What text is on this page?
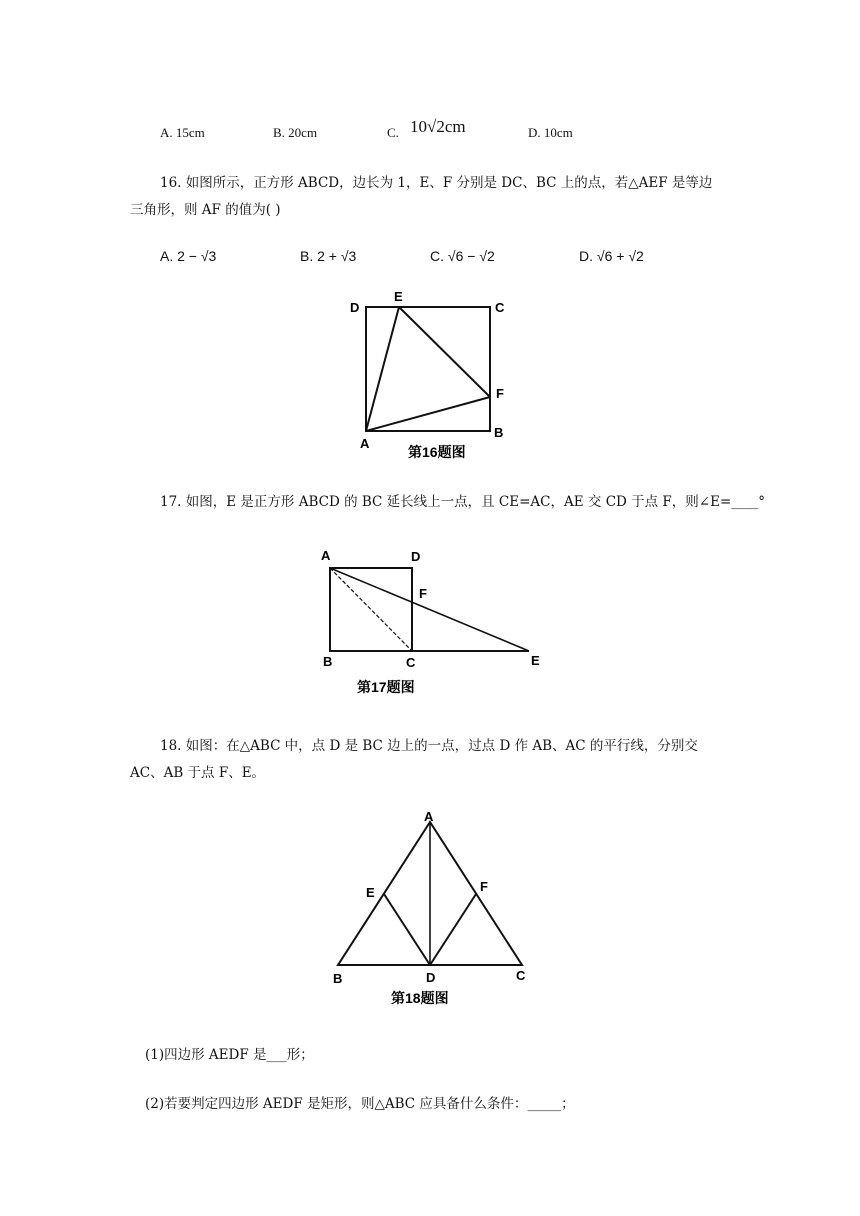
A. 15cm	B. 20cm	C. 10√2cm	D. 10cm
16. 如图所示，正方形 ABCD，边长为 1，E、F 分别是 DC、BC 上的点，若△AEF 是等边
三角形，则 AF 的值为( )
A. 2 − √3	B. 2 + √3	C. √6 − √2	D. √6 + √2
D
E
C
F
A
B
第16题图
17. 如图，E 是正方形 ABCD 的 BC 延长线上一点，且 CE=AC，AE 交 CD 于点 F，则∠E=____°
A	D
F
B	C	E
第17题图
18. 如图：在△ABC 中，点 D 是 BC 边上的一点，过点 D 作 AB、AC 的平行线，分别交
AC、AB 于点 F、E。
A
E	F
B	D	C
第18题图
(1)四边形 AEDF 是___形；
(2)若要判定四边形 AEDF 是矩形，则△ABC 应具备什么条件：_____；
